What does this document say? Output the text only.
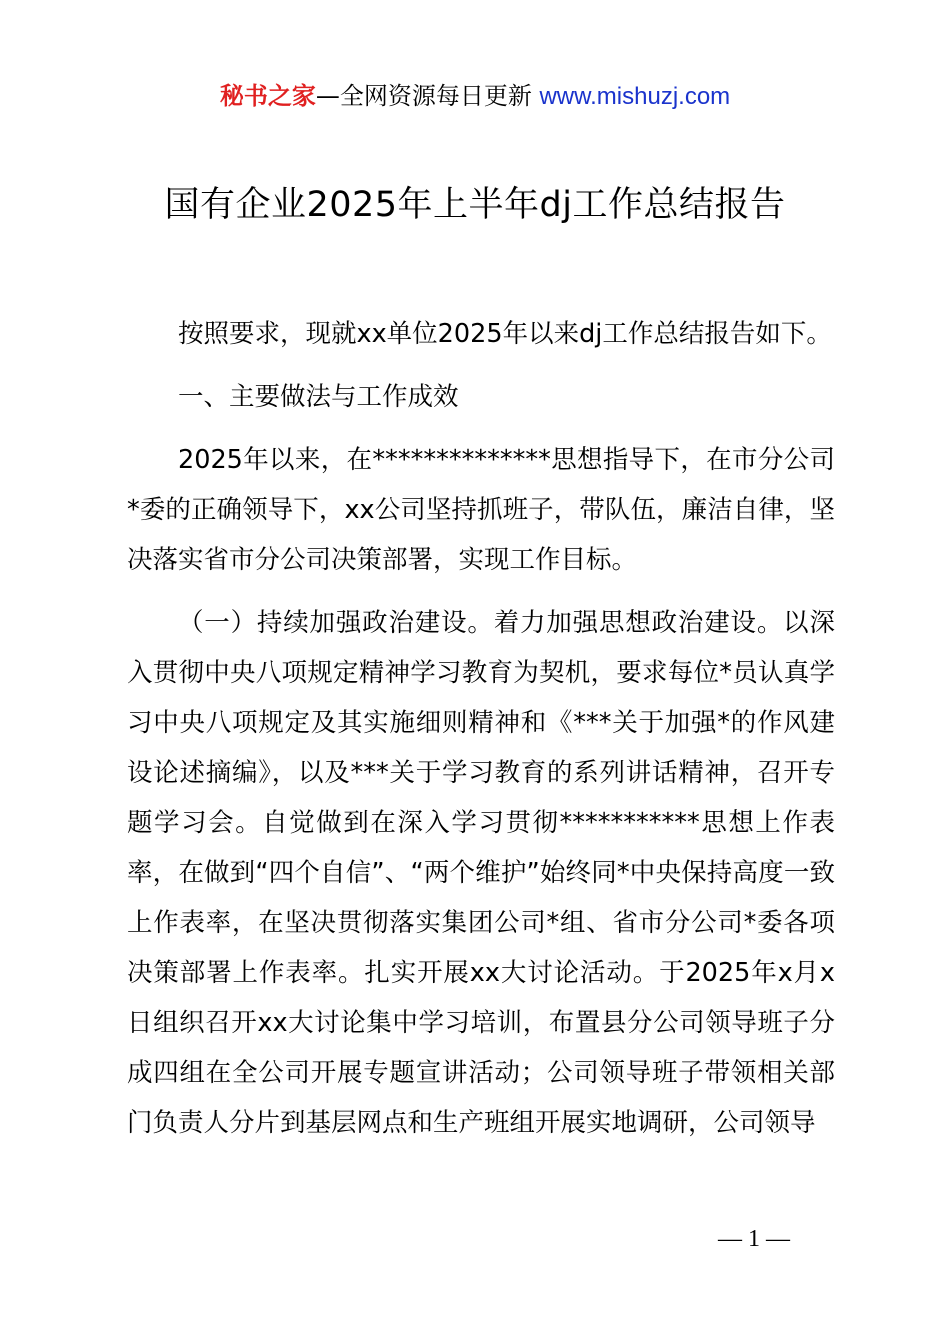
秘书之家—全网资源每日更新 www.mishuzj.com
国有企业2025年上半年dj工作总结报告

按照要求，现就xx单位2025年以来dj工作总结报告如下。

一、主要做法与工作成效

2025年以来，在**************思想指导下，在市分公司*委的正确领导下，xx公司坚持抓班子，带队伍，廉洁自律，坚决落实省市分公司决策部署，实现工作目标。

（一）持续加强政治建设。着力加强思想政治建设。以深入贯彻中央八项规定精神学习教育为契机，要求每位*员认真学习中央八项规定及其实施细则精神和《***关于加强*的作风建设论述摘编》，以及***关于学习教育的系列讲话精神，召开专题学习会。自觉做到在深入学习贯彻***********思想上作表率，在做到“四个自信”、“两个维护”始终同*中央保持高度一致上作表率，在坚决贯彻落实集团公司*组、省市分公司*委各项决策部署上作表率。扎实开展xx大讨论活动。于2025年x月x日组织召开xx大讨论集中学习培训，布置县分公司领导班子分成四组在全公司开展专题宣讲活动；公司领导班子带领相关部门负责人分片到基层网点和生产班组开展实地调研，公司领导

— 1 —
